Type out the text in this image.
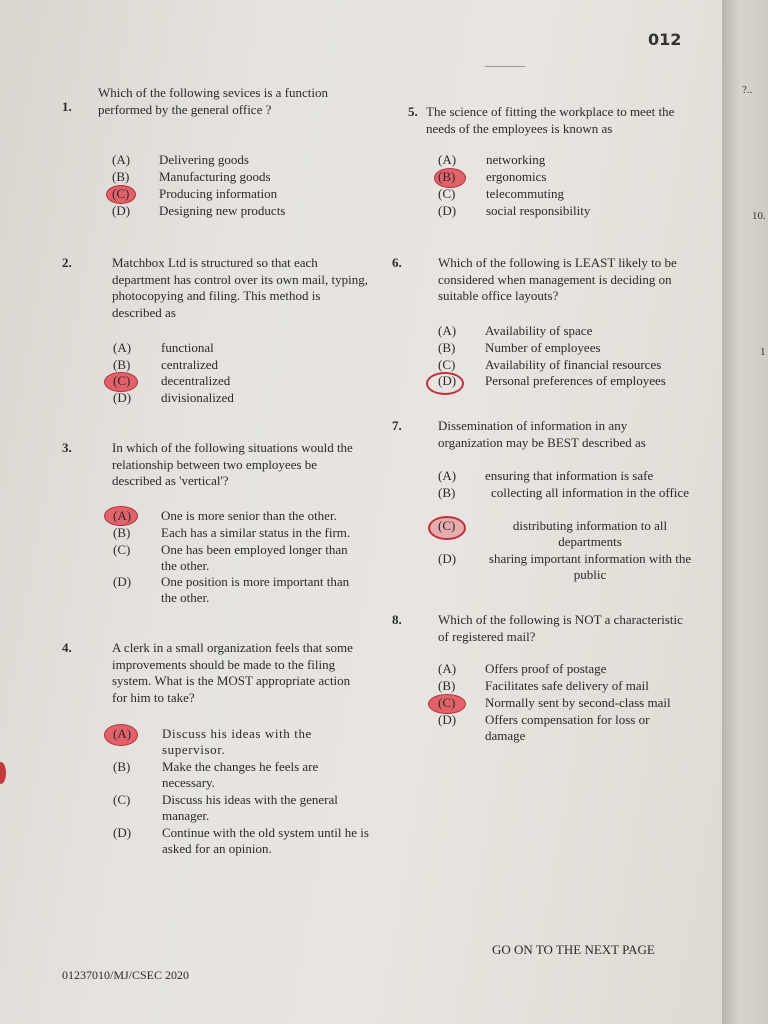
012
1.
Which of the following sevices is a function performed by the general office ?
(A) Delivering goods
(B) Manufacturing goods
(C) Producing information
(D) Designing new products
2.	Matchbox Ltd is structured so that each department has control over its own mail, typing, photocopying and filing. This method is described as
(A) functional
(B) centralized
(C) decentralized
(D) divisionalized
3.	In which of the following situations would the relationship between two employees be described as 'vertical'?
(A) One is more senior than the other.
(B) Each has a similar status in the firm.
(C) One has been employed longer than the other.
(D) One position is more important than the other.
4.	A clerk in a small organization feels that some improvements should be made to the filing system. What is the MOST appropriate action for him to take?
(A) Discuss his ideas with the supervisor.
(B) Make the changes he feels are necessary.
(C) Discuss his ideas with the general manager.
(D) Continue with the old system until he is asked for an opinion.
5. The science of fitting the workplace to meet the needs of the employees is known as
(A) networking
(B) ergonomics
(C) telecommuting
(D) social responsibility
6.	Which of the following is LEAST likely to be considered when management is deciding on suitable office layouts?
(A) Availability of space
(B) Number of employees
(C) Availability of financial resources
(D) Personal preferences of employees
7.	Dissemination of information in any organization may be BEST described as
(A) ensuring that information is safe
(B)	collecting all information in the office
(C)	distributing information to all departments
(D)	sharing important information with the public
8.	Which of the following is NOT a characteristic of registered mail?
(A) Offers proof of postage
(B) Facilitates safe delivery of mail
(C) Normally sent by second-class mail
(D) Offers compensation for loss or damage
GO ON TO THE NEXT PAGE
01237010/MJ/CSEC 2020
?..
10.
1
